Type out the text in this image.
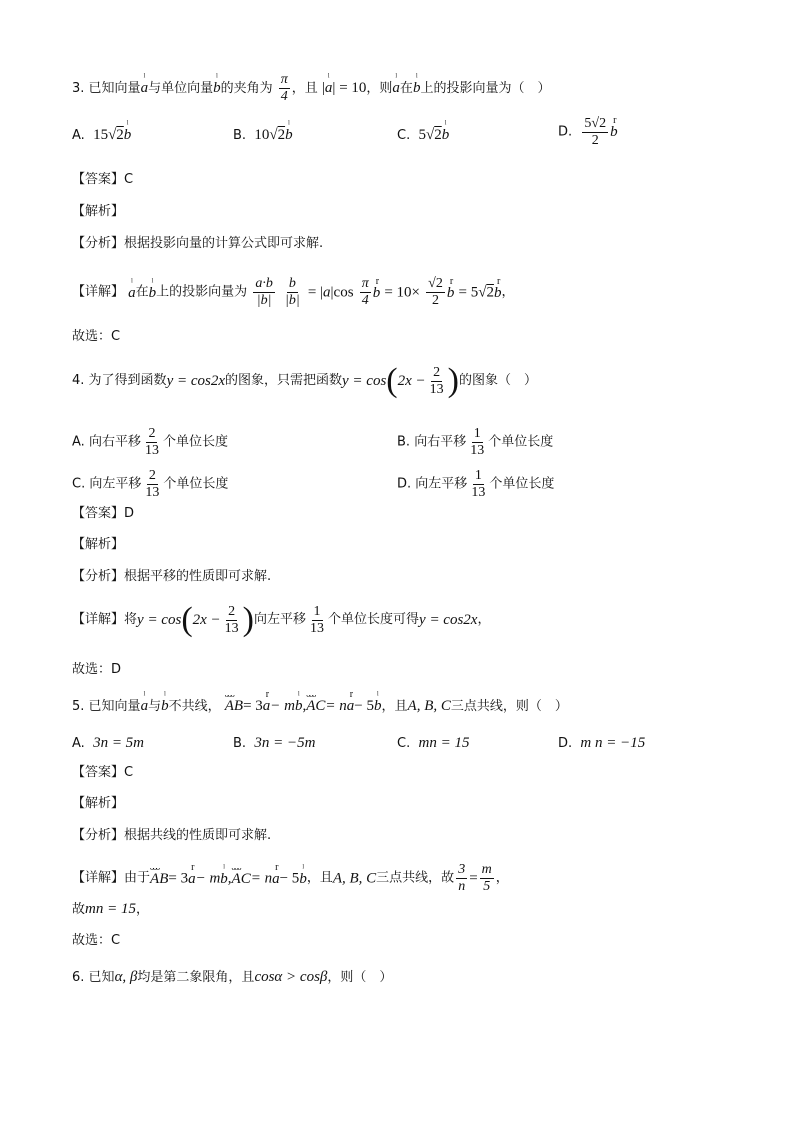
3. 已知向量ˡ a与单位向量ˡ b的夹角为 $\frac{\pi}{4}$ ，且 |ˡ a| = 10，则ˡ a在ˡ b上的投影向量为（　）
A. 15√2ˡ b	B. 10√2ˡ b	C. 5√2ˡ b	D. $\frac{5√2}{2}$ r b
【答案】C
【解析】
【分析】根据投影向量的计算公式即可求解.
【详解】 ˡ a在ˡ b上的投影向量为 $\frac{a\cdot b}{|b|}$
$\frac{b}{|b|} = |a|\cos \frac{\pi}{4}$ r $b = 10\times \frac{√2}{2}$ r b = 5√2r b，
故选：C
4. 为了得到函数y = cos2x的图象，只需把函数$y = \cos(2x - \frac{2}{13}$ )的图象（　）
A. 向右平移 $\frac{2}{13}$ 个单位长度	B. 向右平移 $\frac{1}{13}$ 个单位长度
C. 向左平移 $\frac{2}{13}$ 个单位长度	D. 向左平移 $\frac{1}{13}$ 个单位长度
【答案】D
【解析】
【分析】根据平移的性质即可求解.
【详解】将$y = \cos(2x - \frac{2}{13}$ )向左平移 $\frac{1}{13}$ 个单位长度可得y = cos2x，
故选：D
5. 已知向量ˡ a与ˡ b不共线， ᴗᴗᴗ AB= 3r a− mˡ b,ᴗᴗᴗ AC= nr a− 5ˡ b，且A, B, C三点共线，则（　）
A. 3n = 5m	B. 3n = −5m	C. mn = 15	D. m n = −15
【答案】C
【解析】
【分析】根据共线的性质即可求解.
【详解】由于ᴗᴗᴗ AB= 3r a− mˡ b,ᴗᴗᴗ AC= nr a− 5ˡ b，且A, B, C三点共线，故 $\frac{3}{n} = \frac{m}{5}$ ，
故mn = 15，
故选：C
6. 已知α, β均是第二象限角，且cosα > cosβ，则（　）
